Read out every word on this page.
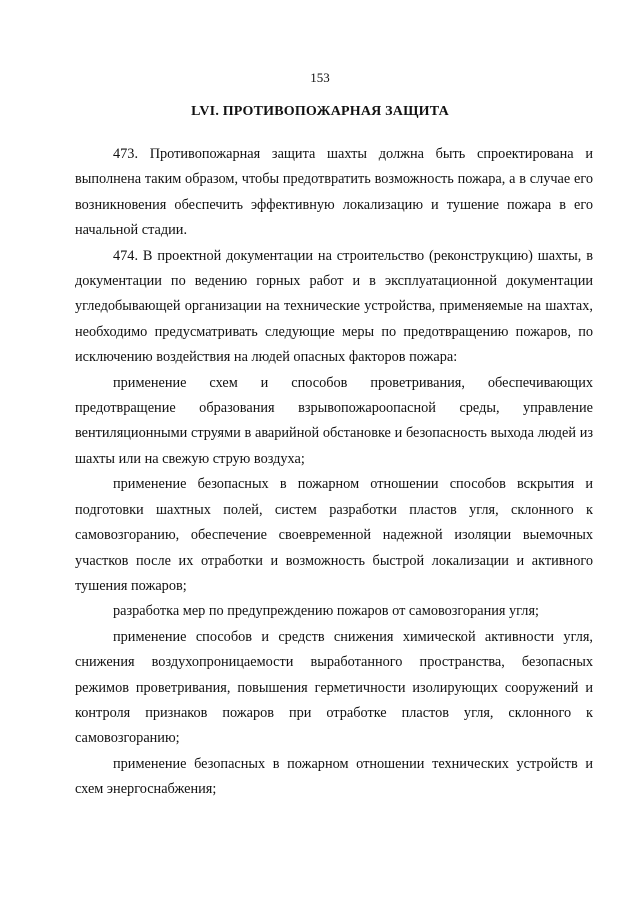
153
LVI. ПРОТИВОПОЖАРНАЯ ЗАЩИТА

473. Противопожарная защита шахты должна быть спроектирована и выполнена таким образом, чтобы предотвратить возможность пожара, а в случае его возникновения обеспечить эффективную локализацию и тушение пожара в его начальной стадии.

474. В проектной документации на строительство (реконструкцию) шахты, в документации по ведению горных работ и в эксплуатационной документации угледобывающей организации на технические устройства, применяемые на шахтах, необходимо предусматривать следующие меры по предотвращению пожаров, по исключению воздействия на людей опасных факторов пожара:

применение схем и способов проветривания, обеспечивающих предотвращение образования взрывопожароопасной среды, управление вентиляционными струями в аварийной обстановке и безопасность выхода людей из шахты или на свежую струю воздуха;

применение безопасных в пожарном отношении способов вскрытия и подготовки шахтных полей, систем разработки пластов угля, склонного к самовозгоранию, обеспечение своевременной надежной изоляции выемочных участков после их отработки и возможность быстрой локализации и активного тушения пожаров;

разработка мер по предупреждению пожаров от самовозгорания угля;

применение способов и средств снижения химической активности угля, снижения воздухопроницаемости выработанного пространства, безопасных режимов проветривания, повышения герметичности изолирующих сооружений и контроля признаков пожаров при отработке пластов угля, склонного к самовозгоранию;

применение безопасных в пожарном отношении технических устройств и схем энергоснабжения;
